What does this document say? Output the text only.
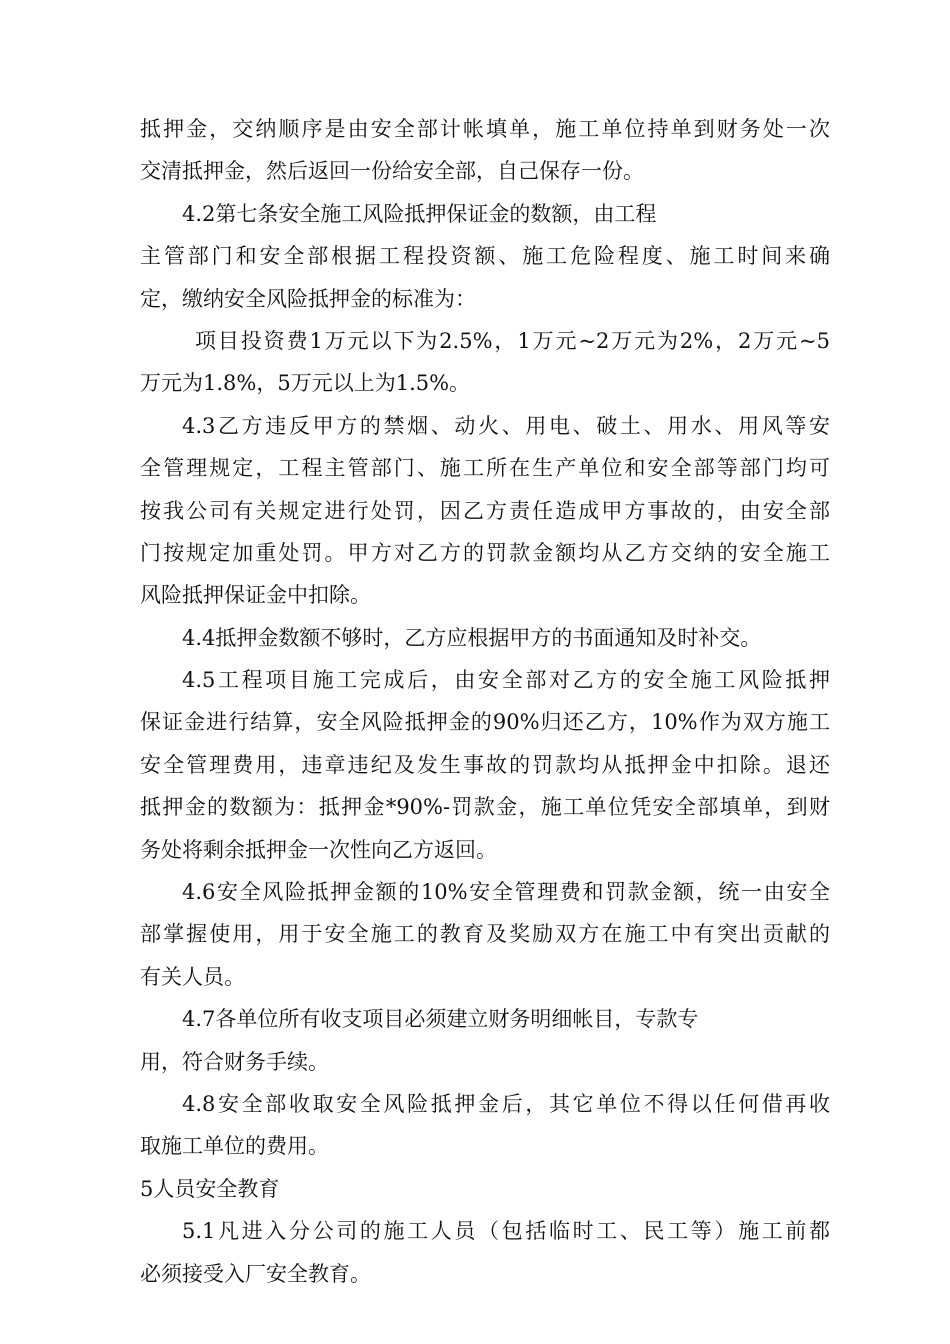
抵押金，交纳顺序是由安全部计帐填单，施工单位持单到财务处一次
交清抵押金，然后返回一份给安全部，自己保存一份。
4.2第七条安全施工风险抵押保证金的数额，由工程
主管部门和安全部根据工程投资额、施工危险程度、施工时间来确
定，缴纳安全风险抵押金的标准为：
项目投资费1万元以下为2.5%，1万元~2万元为2%，2万元~5
万元为1.8%，5万元以上为1.5%。
4.3乙方违反甲方的禁烟、动火、用电、破土、用水、用风等安
全管理规定，工程主管部门、施工所在生产单位和安全部等部门均可
按我公司有关规定进行处罚，因乙方责任造成甲方事故的，由安全部
门按规定加重处罚。甲方对乙方的罚款金额均从乙方交纳的安全施工
风险抵押保证金中扣除。
4.4抵押金数额不够时，乙方应根据甲方的书面通知及时补交。
4.5工程项目施工完成后，由安全部对乙方的安全施工风险抵押
保证金进行结算，安全风险抵押金的90%归还乙方，10%作为双方施工
安全管理费用，违章违纪及发生事故的罚款均从抵押金中扣除。退还
抵押金的数额为：抵押金*90%-罚款金，施工单位凭安全部填单，到财
务处将剩余抵押金一次性向乙方返回。
4.6安全风险抵押金额的10%安全管理费和罚款金额，统一由安全
部掌握使用，用于安全施工的教育及奖励双方在施工中有突出贡献的
有关人员。
4.7各单位所有收支项目必须建立财务明细帐目，专款专
用，符合财务手续。
4.8安全部收取安全风险抵押金后，其它单位不得以任何借再收
取施工单位的费用。
5人员安全教育
5.1凡进入分公司的施工人员（包括临时工、民工等）施工前都
必须接受入厂安全教育。
